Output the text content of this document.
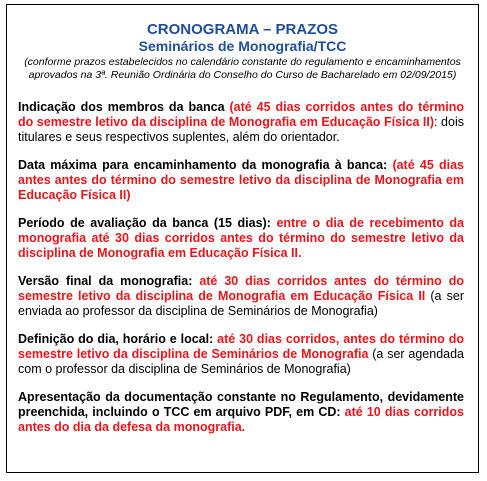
CRONOGRAMA – PRAZOS

Seminários de Monografia/TCC

(conforme prazos estabelecidos no calendário constante do regulamento e encaminhamentos aprovados na 3ª. Reunião Ordinária do Conselho do Curso de Bacharelado em 02/09/2015)

Indicação dos membros da banca (até 45 dias corridos antes do término do semestre letivo da disciplina de Monografia em Educação Física II): dois titulares e seus respectivos suplentes, além do orientador.

Data máxima para encaminhamento da monografia à banca: (até 45 dias antes antes do término do semestre letivo da disciplina de Monografia em Educação Física II)

Período de avaliação da banca (15 dias): entre o dia de recebimento da monografia até 30 dias corridos antes do término do semestre letivo da disciplina de Monografia em Educação Física II.

Versão final da monografia: até 30 dias corridos antes do término do semestre letivo da disciplina de Monografia em Educação Física II (a ser enviada ao professor da disciplina de Seminários de Monografia)

Definição do dia, horário e local: até 30 dias corridos, antes do término do semestre letivo da disciplina de Seminários de Monografia (a ser agendada com o professor da disciplina de Seminários de Monografia)

Apresentação da documentação constante no Regulamento, devidamente preenchida, incluindo o TCC em arquivo PDF, em CD: até 10 dias corridos antes do dia da defesa da monografia.
